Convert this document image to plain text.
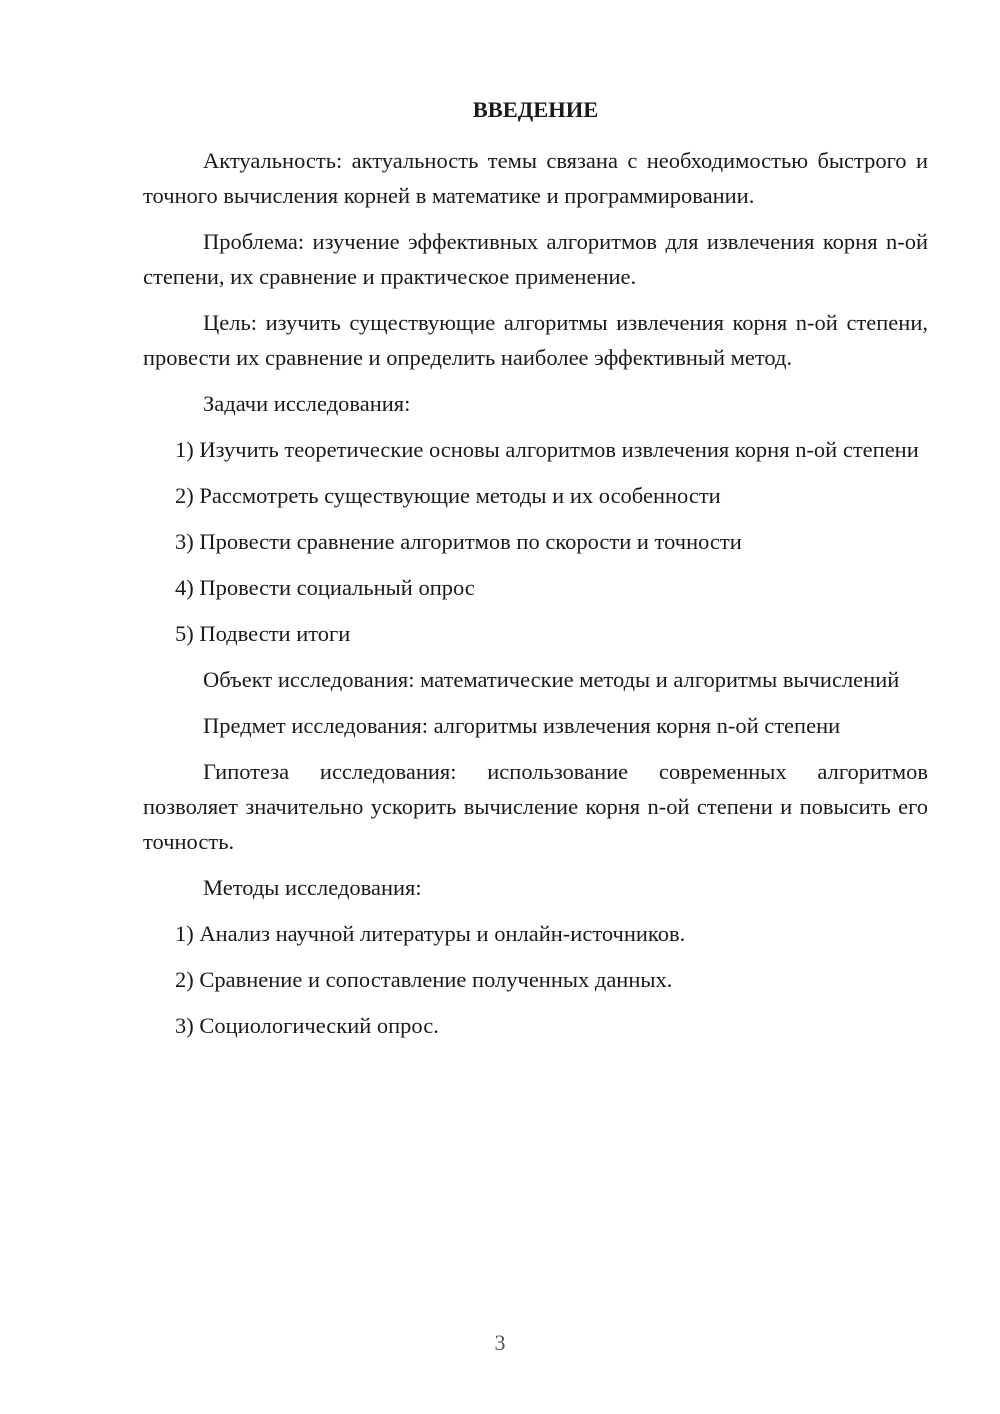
ВВЕДЕНИЕ
Актуальность: актуальность темы связана с необходимостью быстрого и точного вычисления корней в математике и программировании.
Проблема: изучение эффективных алгоритмов для извлечения корня n-ой степени, их сравнение и практическое применение.
Цель: изучить существующие алгоритмы извлечения корня n-ой степени, провести их сравнение и определить наиболее эффективный метод.
Задачи исследования:
1) Изучить теоретические основы алгоритмов извлечения корня n-ой степени
2) Рассмотреть существующие методы и их особенности
3) Провести сравнение алгоритмов по скорости и точности
4) Провести социальный опрос
5) Подвести итоги
Объект исследования: математические методы и алгоритмы вычислений
Предмет исследования: алгоритмы извлечения корня n-ой степени
Гипотеза исследования: использование современных алгоритмов позволяет значительно ускорить вычисление корня n-ой степени и повысить его точность.
Методы исследования:
1) Анализ научной литературы и онлайн-источников.
2) Сравнение и сопоставление полученных данных.
3) Социологический опрос.
3
